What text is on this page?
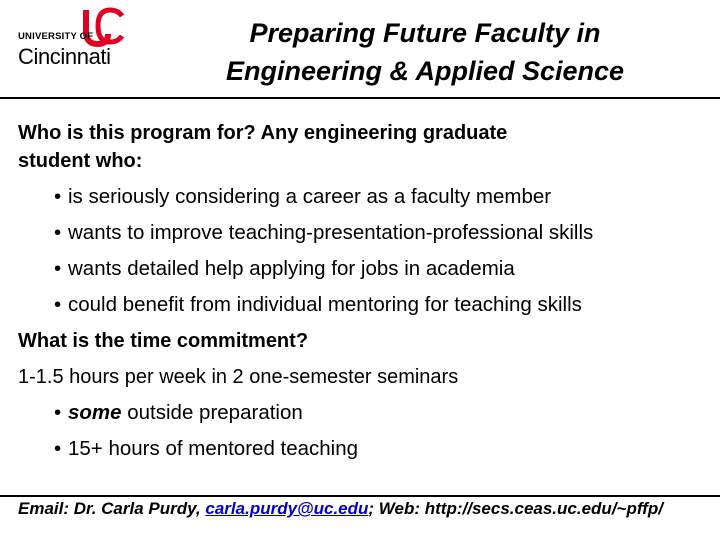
UNIVERSITY OF
Cincinnati
Preparing Future Faculty in
Engineering & Applied Science
Who is this program for? Any engineering graduate
student who:
• is seriously considering a career as a faculty member
• wants to improve teaching-presentation-professional skills
• wants detailed help applying for jobs in academia
• could benefit from individual mentoring for teaching skills
What is the time commitment?
1-1.5 hours per week in 2 one-semester seminars
• some outside preparation
• 15+ hours of mentored teaching
Email: Dr. Carla Purdy, carla.purdy@uc.edu; Web: http://secs.ceas.uc.edu/~pffp/
